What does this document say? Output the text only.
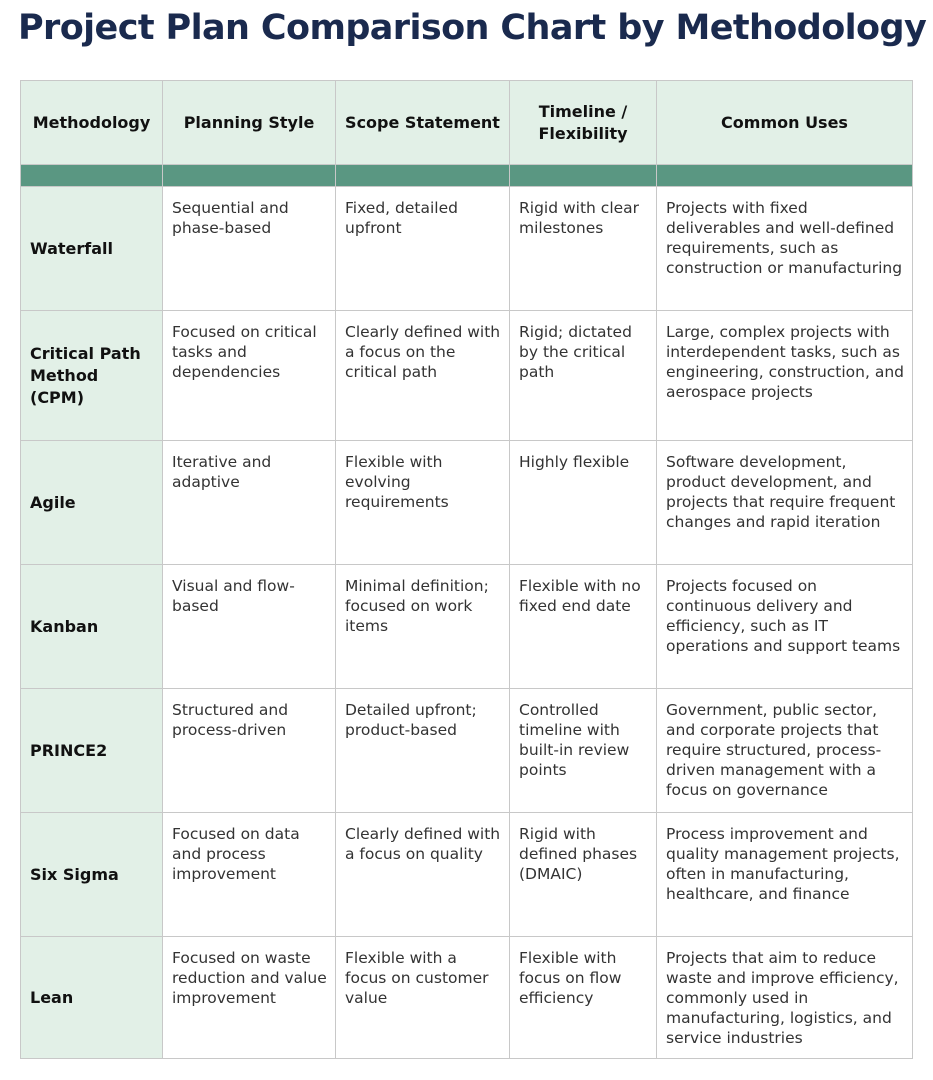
Project Plan Comparison Chart by Methodology
Methodology	Planning Style	Scope Statement	Timeline / Flexibility	Common Uses

Waterfall	Sequential and phase-based	Fixed, detailed upfront	Rigid with clear milestones	Projects with fixed deliverables and well-defined requirements, such as construction or manufacturing
Critical Path Method (CPM)	Focused on critical tasks and dependencies	Clearly defined with a focus on the critical path	Rigid; dictated by the critical path	Large, complex projects with interdependent tasks, such as engineering, construction, and aerospace projects
Agile	Iterative and adaptive	Flexible with evolving requirements	Highly flexible	Software development, product development, and projects that require frequent changes and rapid iteration
Kanban	Visual and flow-based	Minimal definition; focused on work items	Flexible with no fixed end date	Projects focused on continuous delivery and efficiency, such as IT operations and support teams
PRINCE2	Structured and process-driven	Detailed upfront; product-based	Controlled timeline with built-in review points	Government, public sector, and corporate projects that require structured, process-driven management with a focus on governance
Six Sigma	Focused on data and process improvement	Clearly defined with a focus on quality	Rigid with defined phases (DMAIC)	Process improvement and quality management projects, often in manufacturing, healthcare, and finance
Lean	Focused on waste reduction and value improvement	Flexible with a focus on customer value	Flexible with focus on flow efficiency	Projects that aim to reduce waste and improve efficiency, commonly used in manufacturing, logistics, and service industries
